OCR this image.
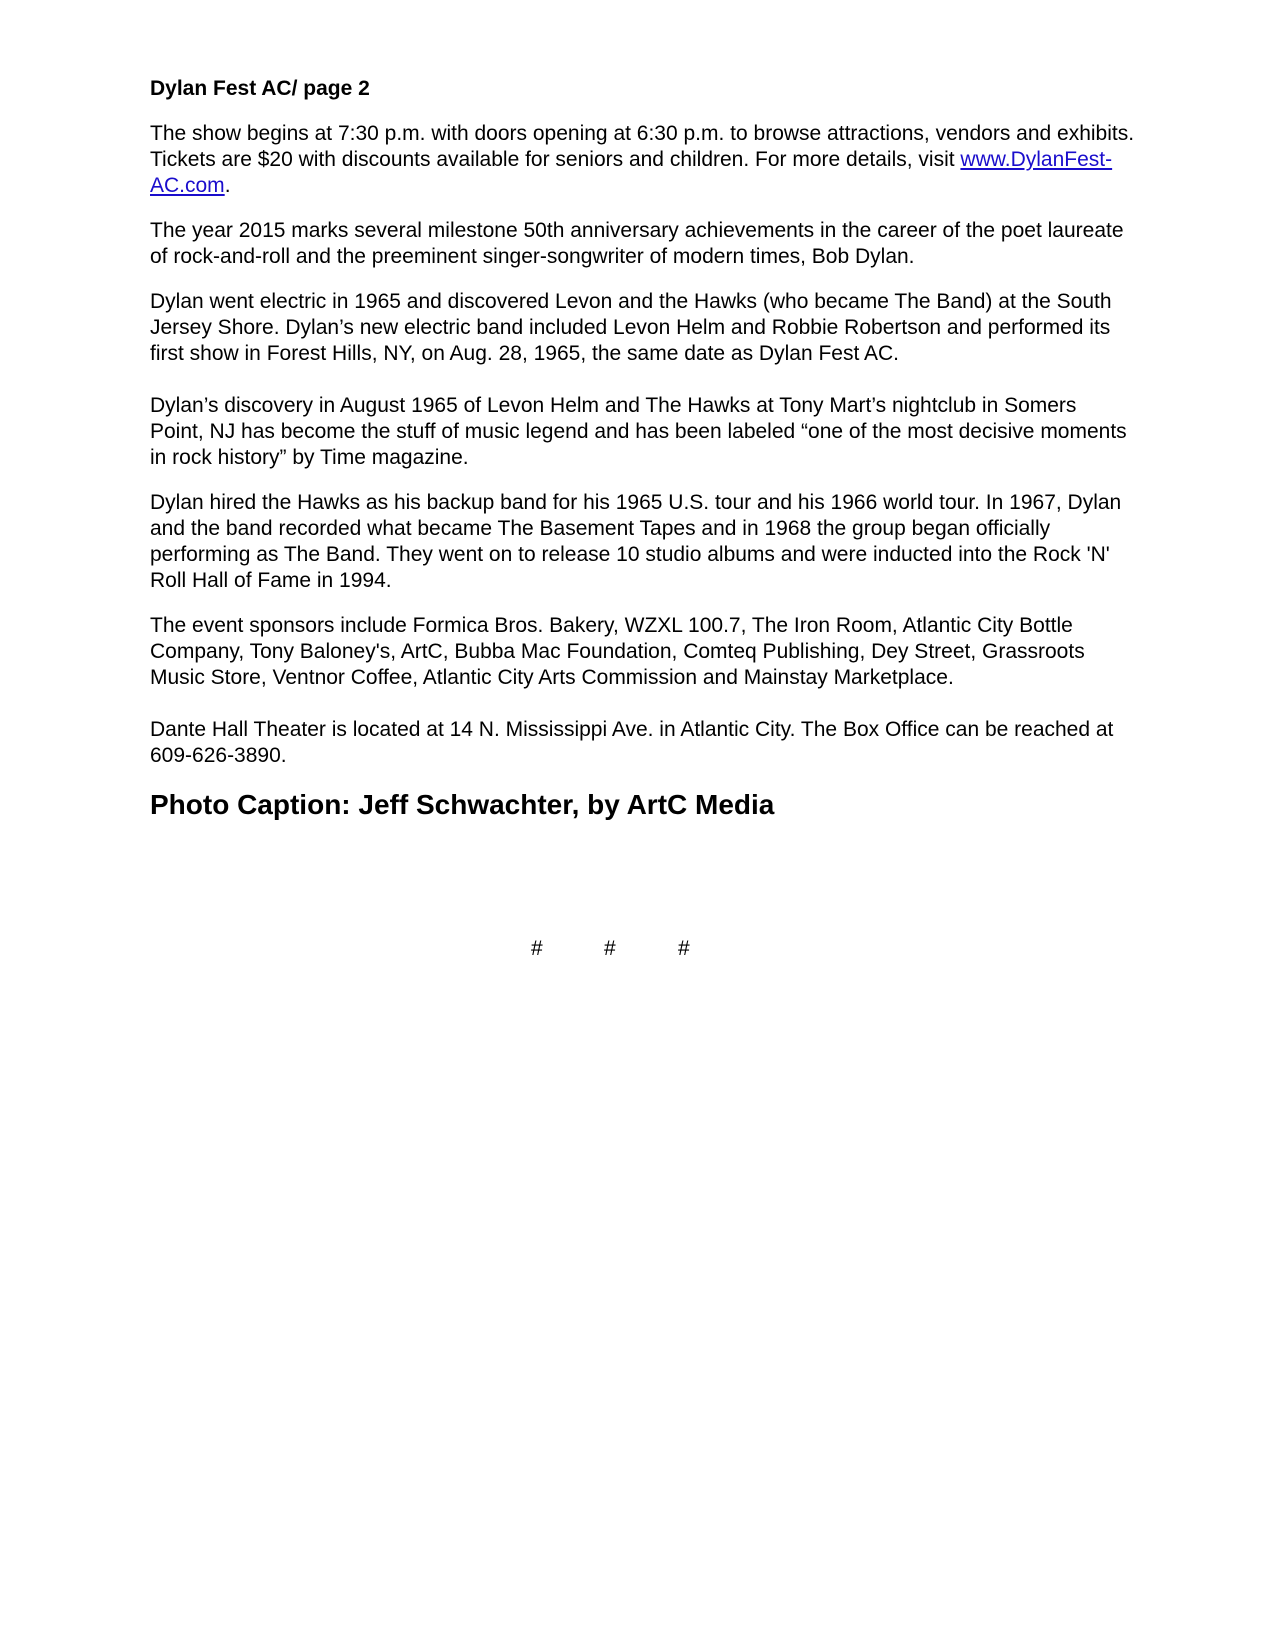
Dylan Fest AC/ page 2

The show begins at 7:30 p.m. with doors opening at 6:30 p.m. to browse attractions, vendors and exhibits. Tickets are $20 with discounts available for seniors and children. For more details, visit www.DylanFest-AC.com.

The year 2015 marks several milestone 50th anniversary achievements in the career of the poet laureate of rock-and-roll and the preeminent singer-songwriter of modern times, Bob Dylan.

Dylan went electric in 1965 and discovered Levon and the Hawks (who became The Band) at the South Jersey Shore. Dylan’s new electric band included Levon Helm and Robbie Robertson and performed its first show in Forest Hills, NY, on Aug. 28, 1965, the same date as Dylan Fest AC.

Dylan’s discovery in August 1965 of Levon Helm and The Hawks at Tony Mart’s nightclub in Somers Point, NJ has become the stuff of music legend and has been labeled “one of the most decisive moments in rock history” by Time magazine.

Dylan hired the Hawks as his backup band for his 1965 U.S. tour and his 1966 world tour. In 1967, Dylan and the band recorded what became The Basement Tapes and in 1968 the group began officially performing as The Band. They went on to release 10 studio albums and were inducted into the Rock 'N' Roll Hall of Fame in 1994.

The event sponsors include Formica Bros. Bakery, WZXL 100.7, The Iron Room, Atlantic City Bottle Company, Tony Baloney's, ArtC, Bubba Mac Foundation, Comteq Publishing, Dey Street, Grassroots Music Store, Ventnor Coffee, Atlantic City Arts Commission and Mainstay Marketplace.

Dante Hall Theater is located at 14 N. Mississippi Ave. in Atlantic City. The Box Office can be reached at 609-626-3890.

Photo Caption: Jeff Schwachter, by ArtC Media
#	#	#
